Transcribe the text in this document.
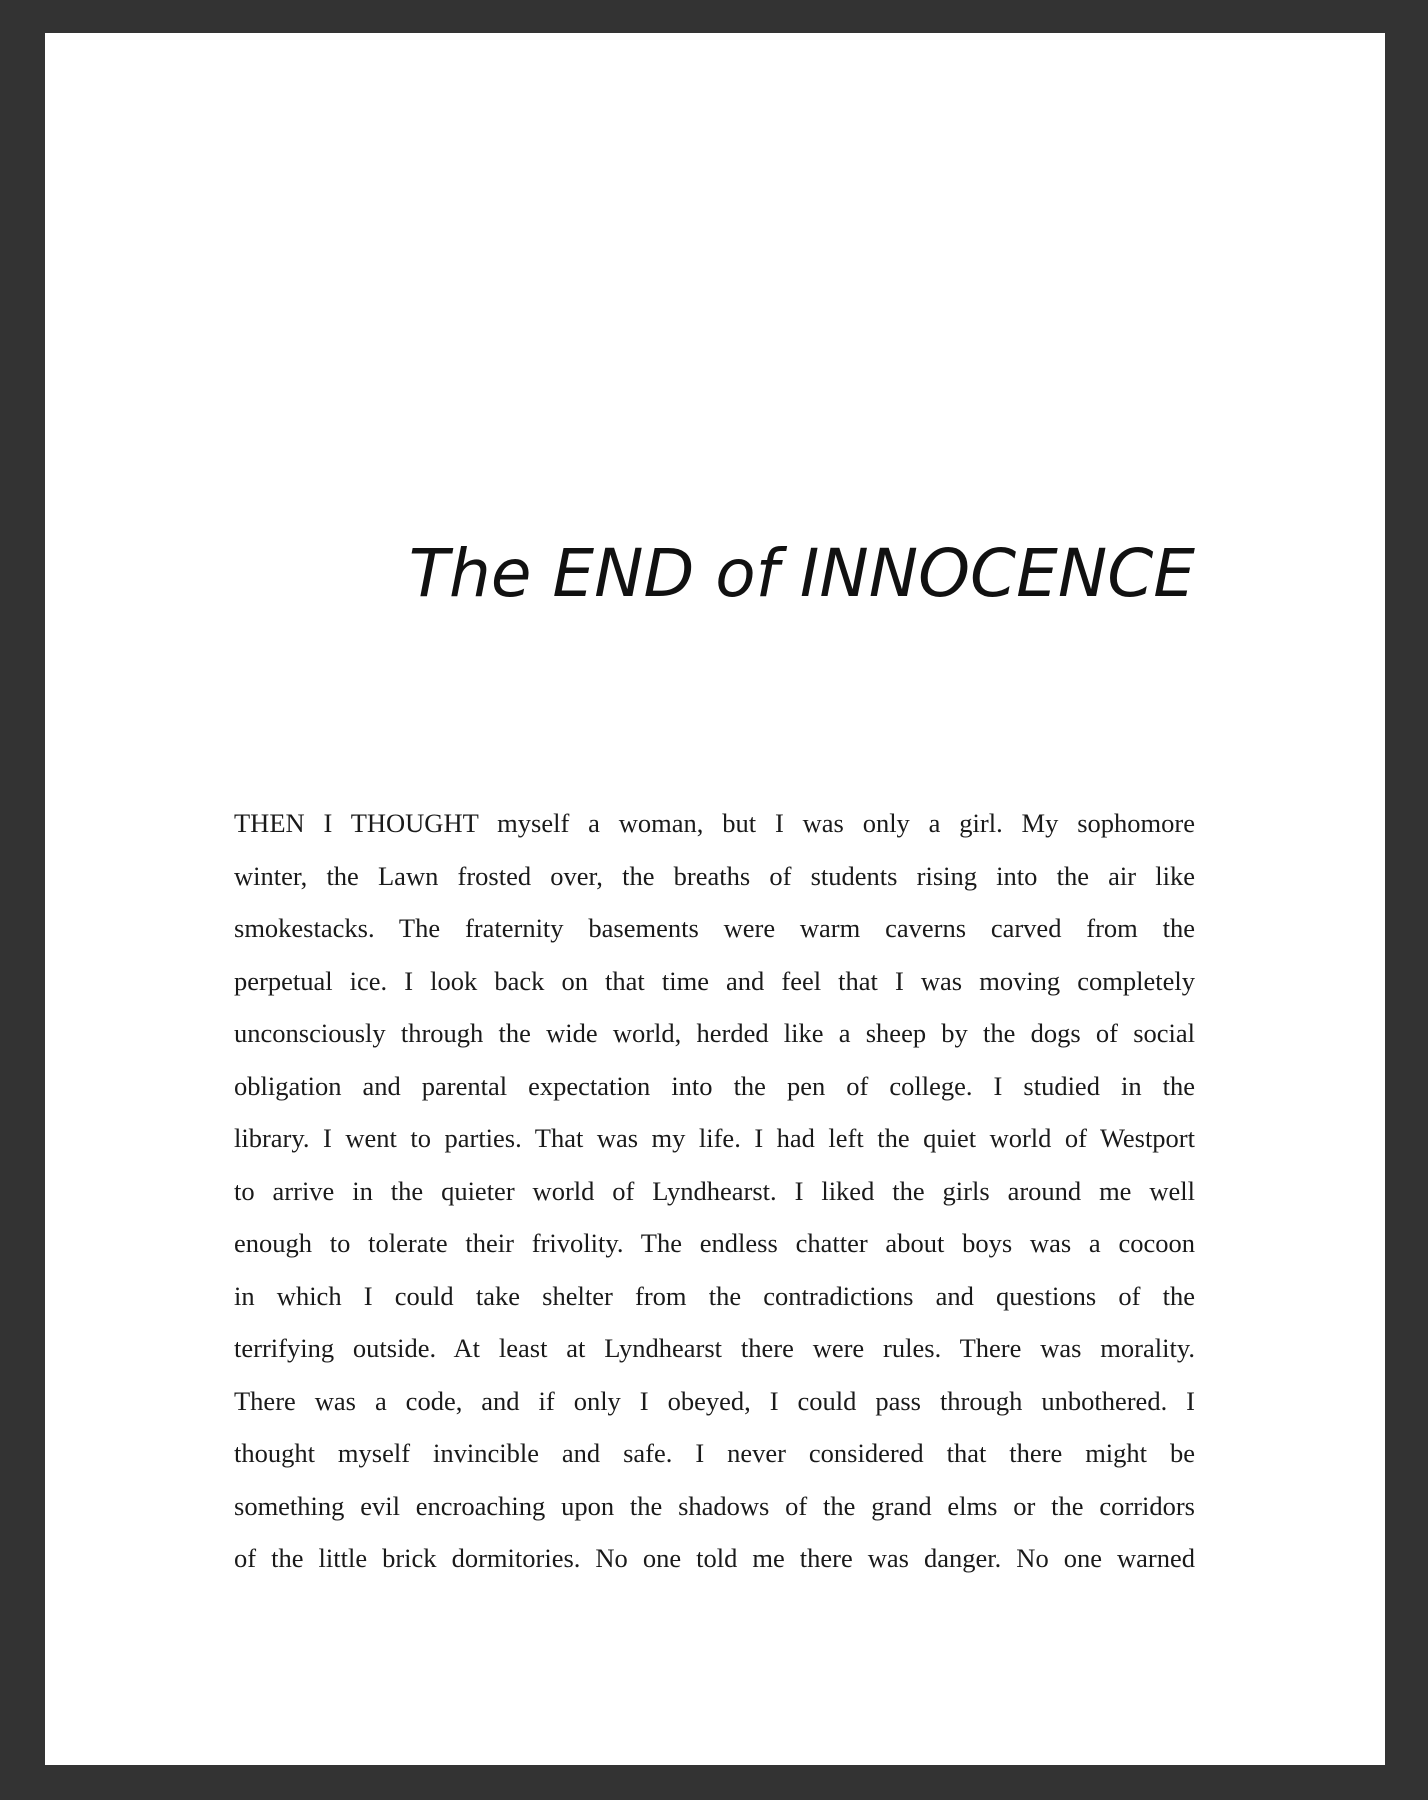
The END of INNOCENCE
THEN I THOUGHT myself a woman, but I was only a girl. My sophomore
winter, the Lawn frosted over, the breaths of students rising into the air like
smokestacks. The fraternity basements were warm caverns carved from the
perpetual ice. I look back on that time and feel that I was moving completely
unconsciously through the wide world, herded like a sheep by the dogs of social
obligation and parental expectation into the pen of college. I studied in the
library. I went to parties. That was my life. I had left the quiet world of Westport
to arrive in the quieter world of Lyndhearst. I liked the girls around me well
enough to tolerate their frivolity. The endless chatter about boys was a cocoon
in which I could take shelter from the contradictions and questions of the
terrifying outside. At least at Lyndhearst there were rules. There was morality.
There was a code, and if only I obeyed, I could pass through unbothered. I
thought myself invincible and safe. I never considered that there might be
something evil encroaching upon the shadows of the grand elms or the corridors
of the little brick dormitories. No one told me there was danger. No one warned
